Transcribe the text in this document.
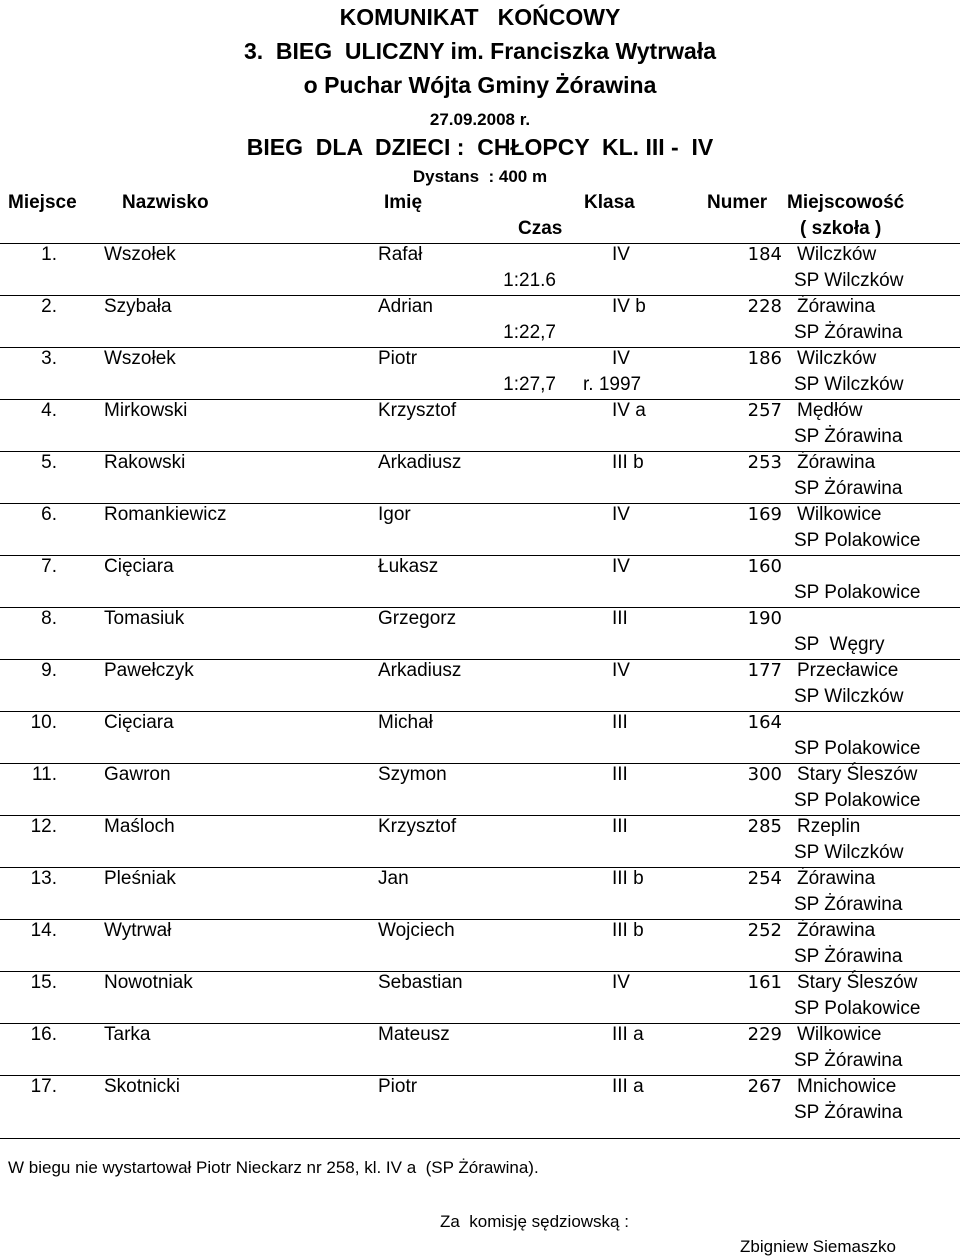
KOMUNIKAT   KOŃCOWY
3.  BIEG  ULICZNY im. Franciszka Wytrwała
o Puchar Wójta Gminy Żórawina
27.09.2008 r.
BIEG  DLA  DZIECI :  CHŁOPCY  KL. III -  IV
Dystans  : 400 m
Miejsce Nazwisko	Imię	Klasa	Numer Miejscowość
Czas	( szkoła )
1. Wszołek	Rafał	IV	184 Wilczków
1:21.6	SP Wilczków
2. Szybała	Adrian	IV b	228 Żórawina
1:22,7	SP Żórawina
3. Wszołek	Piotr	IV	186 Wilczków
1:27,7 r. 1997	SP Wilczków
4. Mirkowski	Krzysztof	IV a	257 Mędłów
SP Żórawina
5. Rakowski	Arkadiusz	III b	253 Żórawina
SP Żórawina
6. Romankiewicz	Igor	IV	169 Wilkowice
SP Polakowice
7. Cięciara	Łukasz	IV	160
SP Polakowice
8. Tomasiuk	Grzegorz	III	190
SP  Węgry
9. Pawełczyk	Arkadiusz	IV	177 Przecławice
SP Wilczków
10. Cięciara	Michał	III	164
SP Polakowice
11. Gawron	Szymon	III	300 Stary Śleszów
SP Polakowice
12. Maśloch	Krzysztof	III	285 Rzeplin
SP Wilczków
13. Pleśniak	Jan	III b	254 Żórawina
SP Żórawina
14. Wytrwał	Wojciech	III b	252 Żórawina
SP Żórawina
15. Nowotniak	Sebastian	IV	161 Stary Śleszów
SP Polakowice
16. Tarka	Mateusz	III a	229 Wilkowice
SP Żórawina
17. Skotnicki	Piotr	III a	267 Mnichowice
SP Żórawina
W biegu nie wystartował Piotr Nieckarz nr 258, kl. IV a  (SP Żórawina).
Za  komisję sędziowską :
Zbigniew Siemaszko
